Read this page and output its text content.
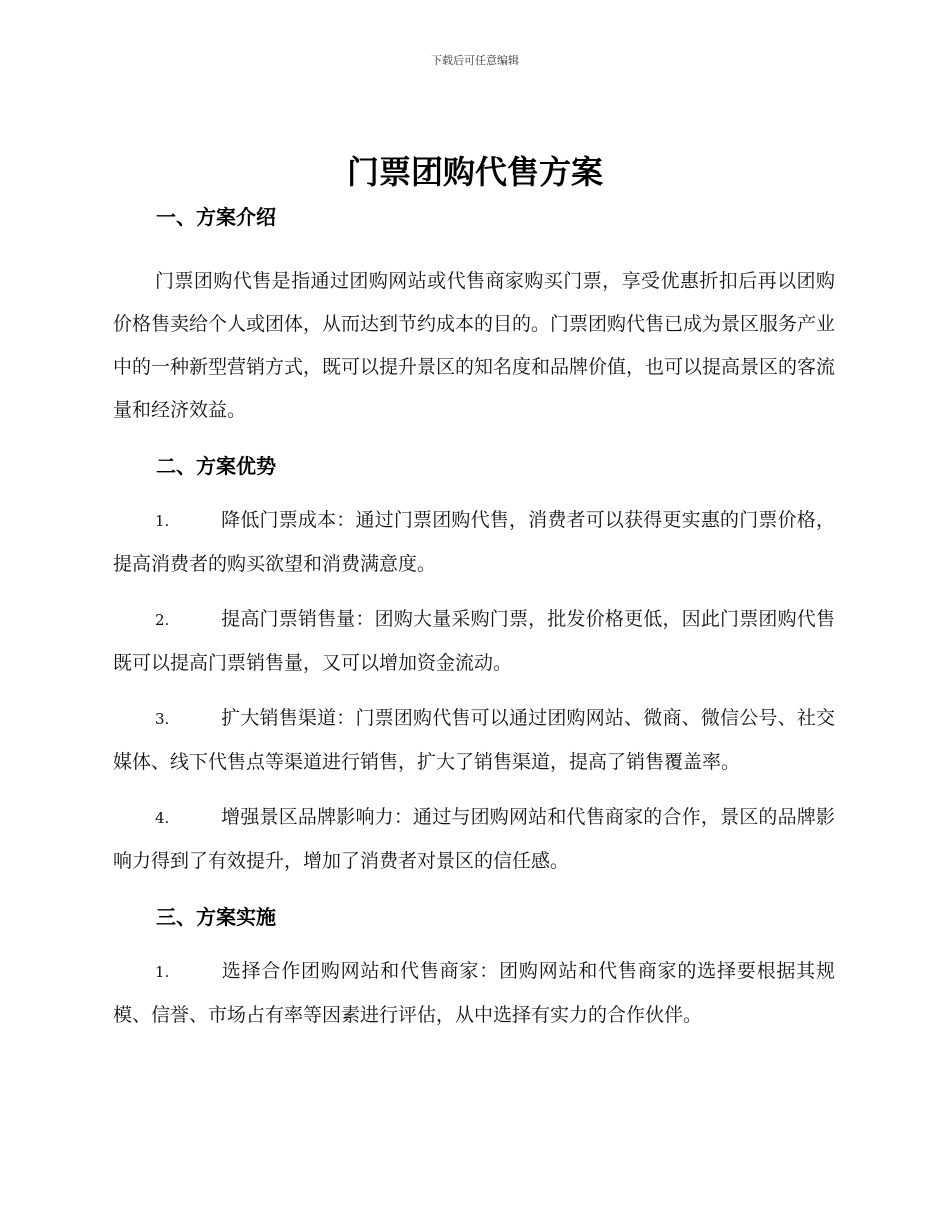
下载后可任意编辑
门票团购代售方案
一、方案介绍

门票团购代售是指通过团购网站或代售商家购买门票，享受优惠折扣后再以团购价格售卖给个人或团体，从而达到节约成本的目的。门票团购代售已成为景区服务产业中的一种新型营销方式，既可以提升景区的知名度和品牌价值，也可以提高景区的客流量和经济效益。

二、方案优势

1.	降低门票成本：通过门票团购代售，消费者可以获得更实惠的门票价格，提高消费者的购买欲望和消费满意度。

2.	提高门票销售量：团购大量采购门票，批发价格更低，因此门票团购代售既可以提高门票销售量，又可以增加资金流动。

3.	扩大销售渠道：门票团购代售可以通过团购网站、微商、微信公号、社交媒体、线下代售点等渠道进行销售，扩大了销售渠道，提高了销售覆盖率。

4.	增强景区品牌影响力：通过与团购网站和代售商家的合作，景区的品牌影响力得到了有效提升，增加了消费者对景区的信任感。

三、方案实施

1.	选择合作团购网站和代售商家：团购网站和代售商家的选择要根据其规模、信誉、市场占有率等因素进行评估，从中选择有实力的合作伙伴。
